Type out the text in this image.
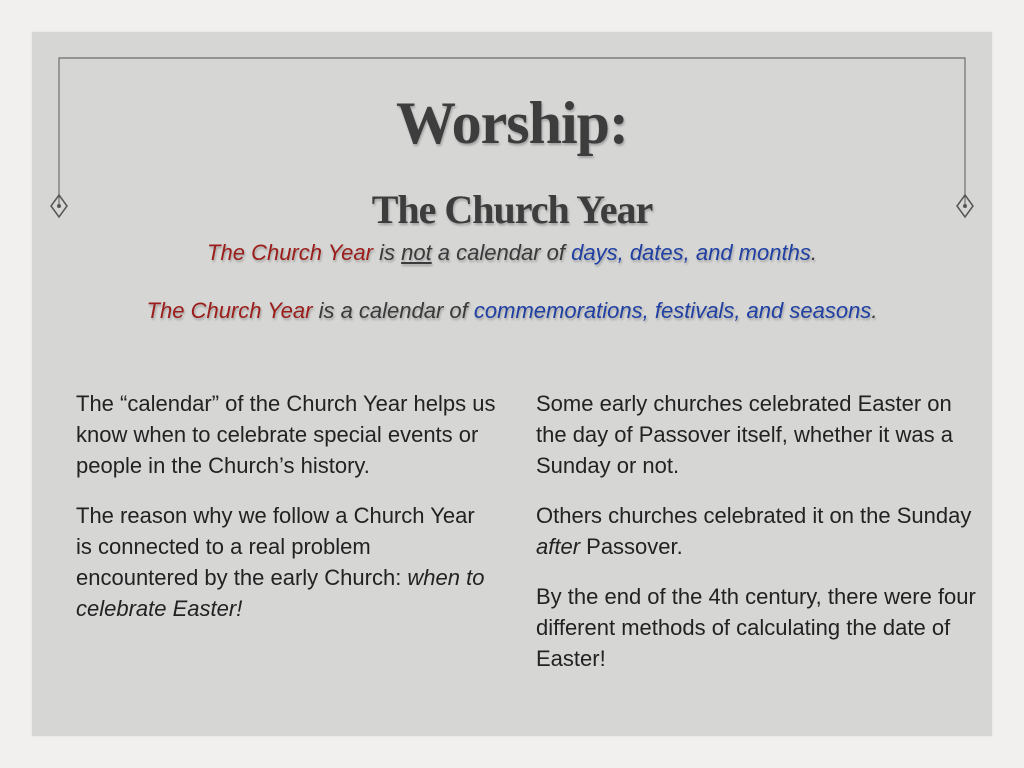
Worship:
The Church Year
The Church Year is not a calendar of days, dates, and months.
The Church Year is a calendar of commemorations, festivals, and seasons.

The “calendar” of the Church Year helps us know when to celebrate special events or people in the Church’s history.

The reason why we follow a Church Year is connected to a real problem encountered by the early Church: when to celebrate Easter!

Some early churches celebrated Easter on the day of Passover itself, whether it was a Sunday or not.

Others churches celebrated it on the Sunday after Passover.

By the end of the 4th century, there were four different methods of calculating the date of Easter!
